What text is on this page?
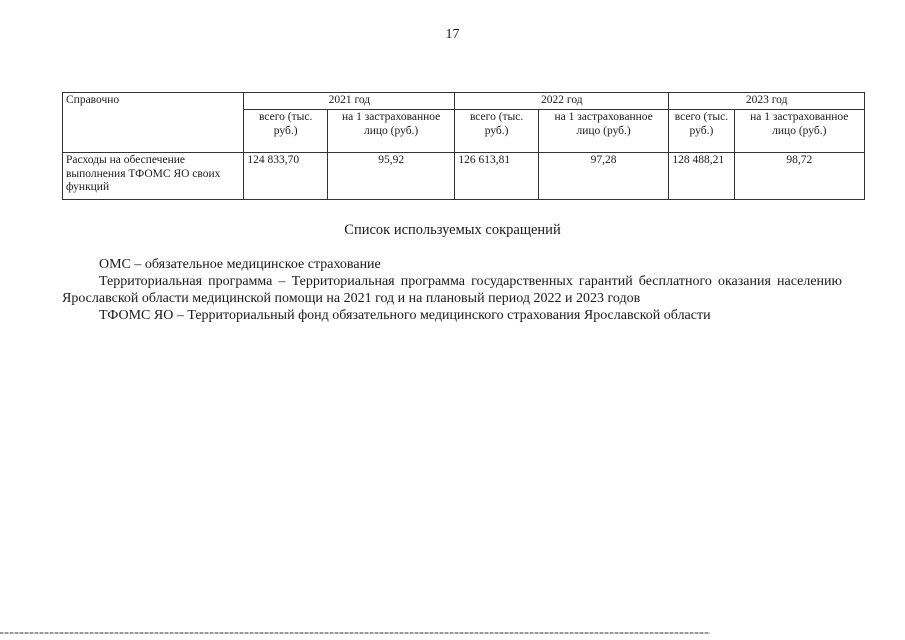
17
Справочно	2021 год		2022 год		2023 год	
	всего (тыс. руб.)	на 1 застрахованное лицо (руб.)	всего (тыс. руб.)	на 1 застрахованное лицо (руб.)	всего (тыс. руб.)	на 1 застрахованное лицо (руб.)
Расходы на обеспечение выполнения ТФОМС ЯО своих функций	124 833,70	95,92	126 613,81	97,28	128 488,21	98,72
Список используемых сокращений

ОМС – обязательное медицинское страхование

Территориальная программа – Территориальная программа государственных гарантий бесплатного оказания населению Ярославской области медицинской помощи на 2021 год и на плановый период 2022 и 2023 годов

ТФОМС ЯО – Территориальный фонд обязательного медицинского страхования Ярославской области
